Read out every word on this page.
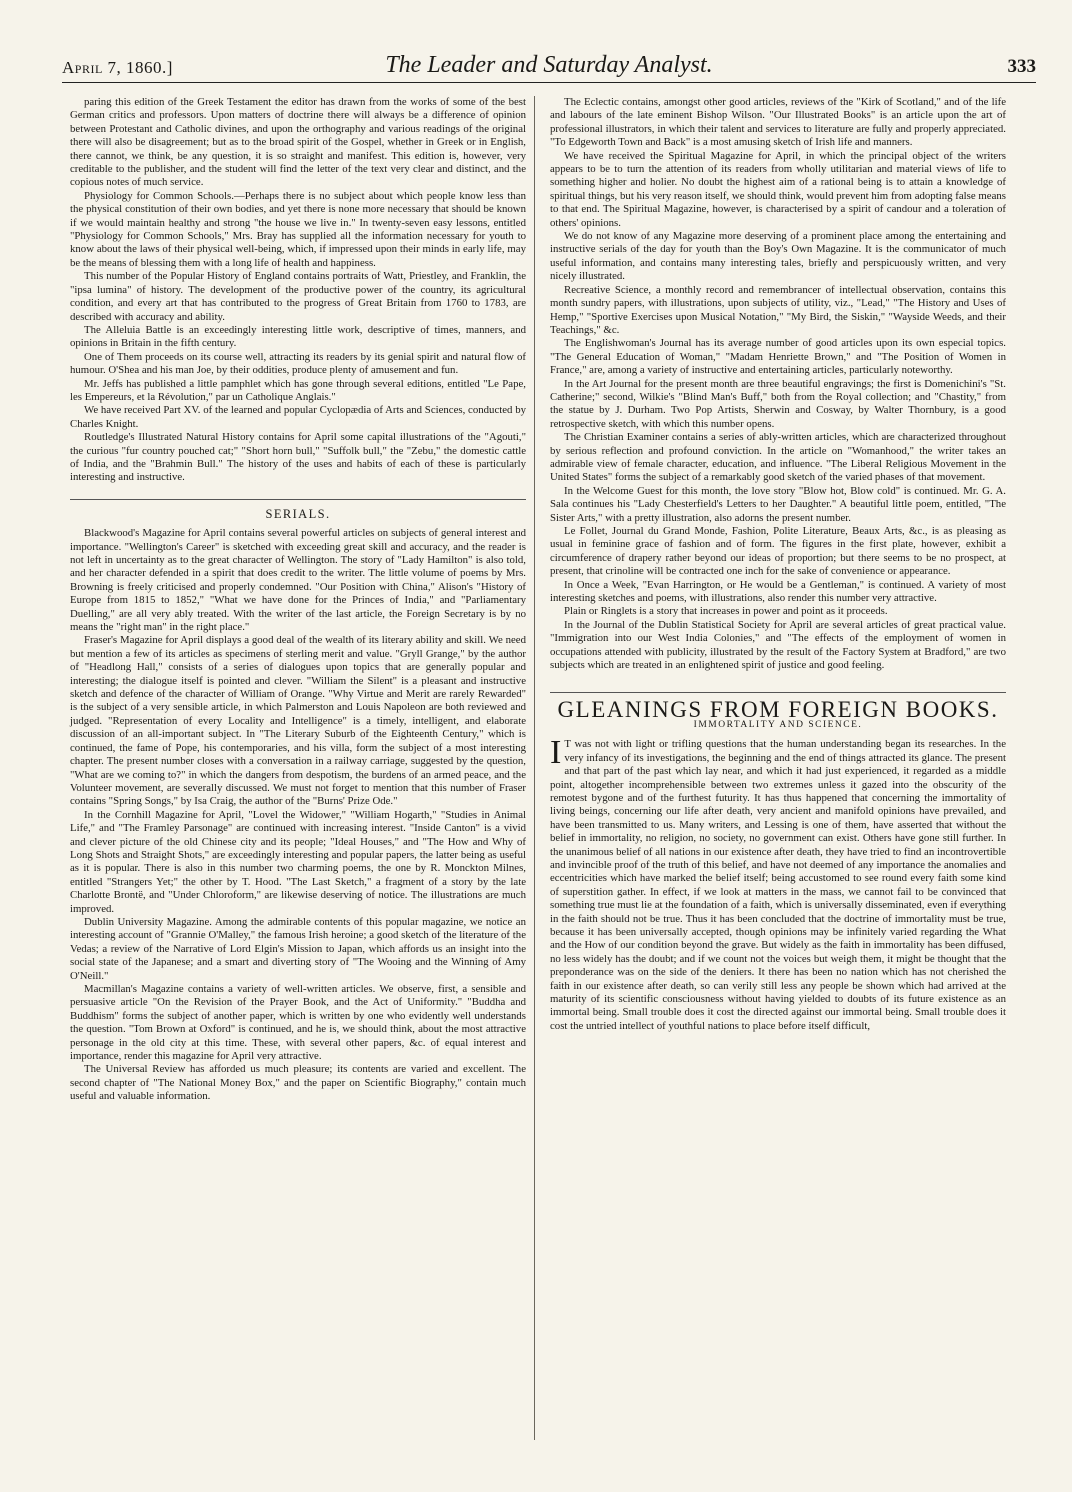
April 7, 1860.]	The Leader and Saturday Analyst.	333

paring this edition of the Greek Testament the editor has drawn from the works of some of the best German critics and professors. Upon matters of doctrine there will always be a difference of opinion between Protestant and Catholic divines, and upon the orthography and various readings of the original there will also be disagreement; but as to the broad spirit of the Gospel, whether in Greek or in English, there cannot, we think, be any question, it is so straight and manifest. This edition is, however, very creditable to the publisher, and the student will find the letter of the text very clear and distinct, and the copious notes of much service.

Physiology for Common Schools.—Perhaps there is no subject about which people know less than the physical constitution of their own bodies, and yet there is none more necessary that should be known if we would maintain healthy and strong "the house we live in." In twenty-seven easy lessons, entitled "Physiology for Common Schools," Mrs. Bray has supplied all the information necessary for youth to know about the laws of their physical well-being, which, if impressed upon their minds in early life, may be the means of blessing them with a long life of health and happiness.

This number of the Popular History of England contains portraits of Watt, Priestley, and Franklin, the "ipsa lumina" of history. The development of the productive power of the country, its agricultural condition, and every art that has contributed to the progress of Great Britain from 1760 to 1783, are described with accuracy and ability.

The Alleluia Battle is an exceedingly interesting little work, descriptive of times, manners, and opinions in Britain in the fifth century.

One of Them proceeds on its course well, attracting its readers by its genial spirit and natural flow of humour. O'Shea and his man Joe, by their oddities, produce plenty of amusement and fun.

Mr. Jeffs has published a little pamphlet which has gone through several editions, entitled "Le Pape, les Empereurs, et la Révolution," par un Catholique Anglais."

We have received Part XV. of the learned and popular Cyclopædia of Arts and Sciences, conducted by Charles Knight.

Routledge's Illustrated Natural History contains for April some capital illustrations of the "Agouti," the curious "fur country pouched cat;" "Short horn bull," "Suffolk bull," the "Zebu," the domestic cattle of India, and the "Brahmin Bull." The history of the uses and habits of each of these is particularly interesting and instructive.

SERIALS.

Blackwood's Magazine for April contains several powerful articles on subjects of general interest and importance. "Wellington's Career" is sketched with exceeding great skill and accuracy, and the reader is not left in uncertainty as to the great character of Wellington. The story of "Lady Hamilton" is also told, and her character defended in a spirit that does credit to the writer. The little volume of poems by Mrs. Browning is freely criticised and properly condemned. "Our Position with China," Alison's "History of Europe from 1815 to 1852," "What we have done for the Princes of India," and "Parliamentary Duelling," are all very ably treated. With the writer of the last article, the Foreign Secretary is by no means the "right man" in the right place."

Fraser's Magazine for April displays a good deal of the wealth of its literary ability and skill. We need but mention a few of its articles as specimens of sterling merit and value. "Gryll Grange," by the author of "Headlong Hall," consists of a series of dialogues upon topics that are generally popular and interesting; the dialogue itself is pointed and clever. "William the Silent" is a pleasant and instructive sketch and defence of the character of William of Orange. "Why Virtue and Merit are rarely Rewarded" is the subject of a very sensible article, in which Palmerston and Louis Napoleon are both reviewed and judged. "Representation of every Locality and Intelligence" is a timely, intelligent, and elaborate discussion of an all-important subject. In "The Literary Suburb of the Eighteenth Century," which is continued, the fame of Pope, his contemporaries, and his villa, form the subject of a most interesting chapter. The present number closes with a conversation in a railway carriage, suggested by the question, "What are we coming to?" in which the dangers from despotism, the burdens of an armed peace, and the Volunteer movement, are severally discussed. We must not forget to mention that this number of Fraser contains "Spring Songs," by Isa Craig, the author of the "Burns' Prize Ode."

In the Cornhill Magazine for April, "Lovel the Widower," "William Hogarth," "Studies in Animal Life," and "The Framley Parsonage" are continued with increasing interest. "Inside Canton" is a vivid and clever picture of the old Chinese city and its people; "Ideal Houses," and "The How and Why of Long Shots and Straight Shots," are exceedingly interesting and popular papers, the latter being as useful as it is popular. There is also in this number two charming poems, the one by R. Monckton Milnes, entitled "Strangers Yet;" the other by T. Hood. "The Last Sketch," a fragment of a story by the late Charlotte Brontë, and "Under Chloroform," are likewise deserving of notice. The illustrations are much improved.

Dublin University Magazine. Among the admirable contents of this popular magazine, we notice an interesting account of "Grannie O'Malley," the famous Irish heroine; a good sketch of the literature of the Vedas; a review of the Narrative of Lord Elgin's Mission to Japan, which affords us an insight into the social state of the Japanese; and a smart and diverting story of "The Wooing and the Winning of Amy O'Neill."

Macmillan's Magazine contains a variety of well-written articles. We observe, first, a sensible and persuasive article "On the Revision of the Prayer Book, and the Act of Uniformity." "Buddha and Buddhism" forms the subject of another paper, which is written by one who evidently well understands the question. "Tom Brown at Oxford" is continued, and he is, we should think, about the most attractive personage in the old city at this time. These, with several other papers, &c. of equal interest and importance, render this magazine for April very attractive.

The Universal Review has afforded us much pleasure; its contents are varied and excellent. The second chapter of "The National Money Box," and the paper on Scientific Biography," contain much useful and valuable information.

The Eclectic contains, amongst other good articles, reviews of the "Kirk of Scotland," and of the life and labours of the late eminent Bishop Wilson. "Our Illustrated Books" is an article upon the art of professional illustrators, in which their talent and services to literature are fully and properly appreciated. "To Edgeworth Town and Back" is a most amusing sketch of Irish life and manners.

We have received the Spiritual Magazine for April, in which the principal object of the writers appears to be to turn the attention of its readers from wholly utilitarian and material views of life to something higher and holier. No doubt the highest aim of a rational being is to attain a knowledge of spiritual things, but his very reason itself, we should think, would prevent him from adopting false means to that end. The Spiritual Magazine, however, is characterised by a spirit of candour and a toleration of others' opinions.

We do not know of any Magazine more deserving of a prominent place among the entertaining and instructive serials of the day for youth than the Boy's Own Magazine. It is the communicator of much useful information, and contains many interesting tales, briefly and perspicuously written, and very nicely illustrated.

Recreative Science, a monthly record and remembrancer of intellectual observation, contains this month sundry papers, with illustrations, upon subjects of utility, viz., "Lead," "The History and Uses of Hemp," "Sportive Exercises upon Musical Notation," "My Bird, the Siskin," "Wayside Weeds, and their Teachings," &c.

The Englishwoman's Journal has its average number of good articles upon its own especial topics. "The General Education of Woman," "Madam Henriette Brown," and "The Position of Women in France," are, among a variety of instructive and entertaining articles, particularly noteworthy.

In the Art Journal for the present month are three beautiful engravings; the first is Domenichini's "St. Catherine;" second, Wilkie's "Blind Man's Buff," both from the Royal collection; and "Chastity," from the statue by J. Durham. Two Pop Artists, Sherwin and Cosway, by Walter Thornbury, is a good retrospective sketch, with which this number opens.

The Christian Examiner contains a series of ably-written articles, which are characterized throughout by serious reflection and profound conviction. In the article on "Womanhood," the writer takes an admirable view of female character, education, and influence. "The Liberal Religious Movement in the United States" forms the subject of a remarkably good sketch of the varied phases of that movement.

In the Welcome Guest for this month, the love story "Blow hot, Blow cold" is continued. Mr. G. A. Sala continues his "Lady Chesterfield's Letters to her Daughter." A beautiful little poem, entitled, "The Sister Arts," with a pretty illustration, also adorns the present number.

Le Follet, Journal du Grand Monde, Fashion, Polite Literature, Beaux Arts, &c., is as pleasing as usual in feminine grace of fashion and of form. The figures in the first plate, however, exhibit a circumference of drapery rather beyond our ideas of proportion; but there seems to be no prospect, at present, that crinoline will be contracted one inch for the sake of convenience or appearance.

In Once a Week, "Evan Harrington, or He would be a Gentleman," is continued. A variety of most interesting sketches and poems, with illustrations, also render this number very attractive.

Plain or Ringlets is a story that increases in power and point as it proceeds.

In the Journal of the Dublin Statistical Society for April are several articles of great practical value. "Immigration into our West India Colonies," and "The effects of the employment of women in occupations attended with publicity, illustrated by the result of the Factory System at Bradford," are two subjects which are treated in an enlightened spirit of justice and good feeling.

GLEANINGS FROM FOREIGN BOOKS.
IMMORTALITY AND SCIENCE.

I T was not with light or trifling questions that the human understanding began its researches. In the very infancy of its investigations, the beginning and the end of things attracted its glance. The present and that part of the past which lay near, and which it had just experienced, it regarded as a middle point, altogether incomprehensible between two extremes unless it gazed into the obscurity of the remotest bygone and of the furthest futurity. It has thus happened that concerning the immortality of living beings, concerning our life after death, very ancient and manifold opinions have prevailed, and have been transmitted to us. Many writers, and Lessing is one of them, have asserted that without the belief in immortality, no religion, no society, no government can exist. Others have gone still further. In the unanimous belief of all nations in our existence after death, they have tried to find an incontrovertible and invincible proof of the truth of this belief, and have not deemed of any importance the anomalies and eccentricities which have marked the belief itself; being accustomed to see round every faith some kind of superstition gather. In effect, if we look at matters in the mass, we cannot fail to be convinced that something true must lie at the foundation of a faith, which is universally disseminated, even if everything in the faith should not be true. Thus it has been concluded that the doctrine of immortality must be true, because it has been universally accepted, though opinions may be infinitely varied regarding the What and the How of our condition beyond the grave. But widely as the faith in immortality has been diffused, no less widely has the doubt; and if we count not the voices but weigh them, it might be thought that the preponderance was on the side of the deniers. It there has been no nation which has not cherished the faith in our existence after death, so can verily still less any people be shown which had arrived at the maturity of its scientific consciousness without having yielded to doubts of its future existence as an immortal being. Small trouble does it cost the directed against our immortal being. Small trouble does it cost the untried intellect of youthful nations to place before itself difficult,
